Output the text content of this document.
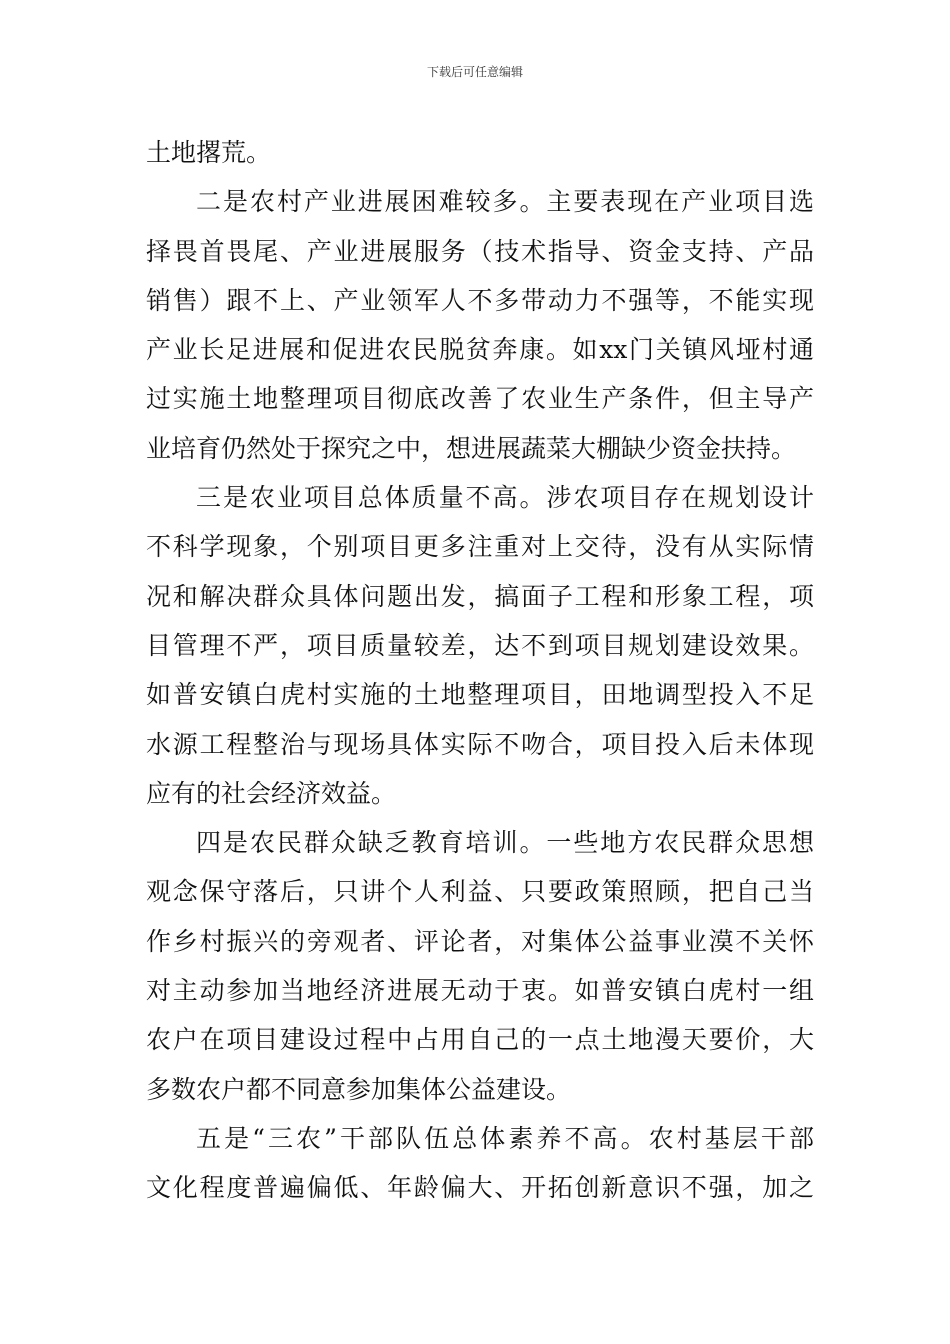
下载后可任意编辑
土地撂荒。
二是农村产业进展困难较多。主要表现在产业项目选
择畏首畏尾、产业进展服务（技术指导、资金支持、产品
销售）跟不上、产业领军人不多带动力不强等，不能实现
产业长足进展和促进农民脱贫奔康。如xx门关镇风垭村通
过实施土地整理项目彻底改善了农业生产条件，但主导产
业培育仍然处于探究之中，想进展蔬菜大棚缺少资金扶持。
三是农业项目总体质量不高。涉农项目存在规划设计
不科学现象，个别项目更多注重对上交待，没有从实际情
况和解决群众具体问题出发，搞面子工程和形象工程，项
目管理不严，项目质量较差，达不到项目规划建设效果。
如普安镇白虎村实施的土地整理项目，田地调型投入不足
水源工程整治与现场具体实际不吻合，项目投入后未体现
应有的社会经济效益。
四是农民群众缺乏教育培训。一些地方农民群众思想
观念保守落后，只讲个人利益、只要政策照顾，把自己当
作乡村振兴的旁观者、评论者，对集体公益事业漠不关怀
对主动参加当地经济进展无动于衷。如普安镇白虎村一组
农户在项目建设过程中占用自己的一点土地漫天要价，大
多数农户都不同意参加集体公益建设。
五是“三农”干部队伍总体素养不高。农村基层干部
文化程度普遍偏低、年龄偏大、开拓创新意识不强，加之
